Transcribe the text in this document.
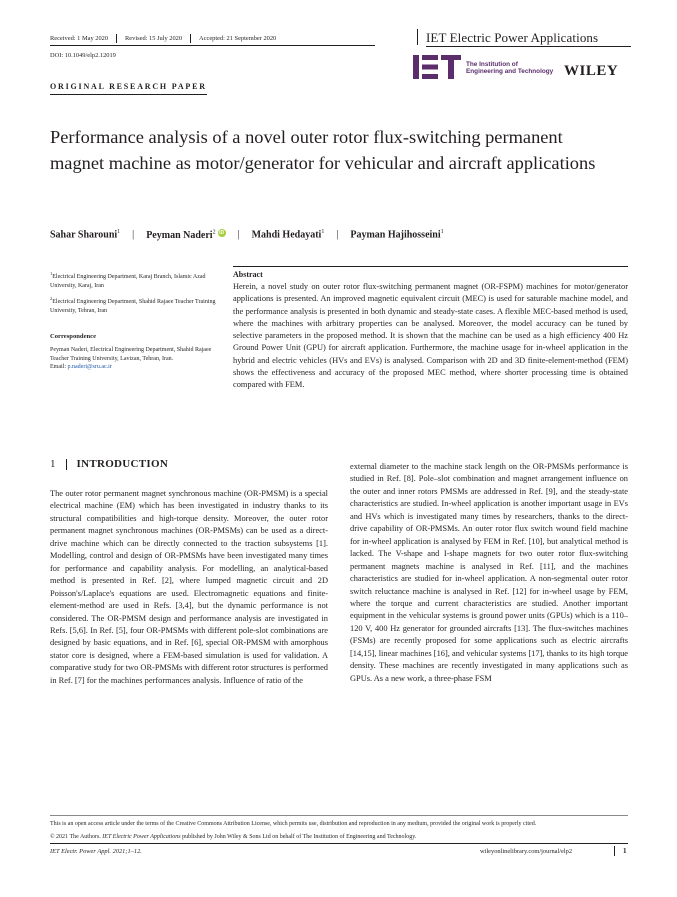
Received: 1 May 2020	Revised: 15 July 2020	Accepted: 21 September 2020
DOI: 10.1049/elp2.12019
IET Electric Power Applications
The Institution of
Engineering and Technology WILEY
ORIGINAL RESEARCH PAPER
Performance analysis of a novel outer rotor flux-switching permanent magnet machine as motor/generator for vehicular and aircraft applications
Sahar Sharouni$^1$ | Peyman Naderi$^2$ iD | Mahdi Hedayati$^1$ | Payman Hajihosseini$^1$
$^1$Electrical Engineering Department, Karaj Branch, Islamic Azad University, Karaj, Iran
$^2$Electrical Engineering Department, Shahid Rajaee Teacher Training University, Tehran, Iran
Correspondence
Peyman Naderi, Electrical Engineering Department, Shahid Rajaee Teacher Training University, Lavizan, Tehran, Iran.
Email: p.naderi@sru.ac.ir
Abstract

Herein, a novel study on outer rotor flux-switching permanent magnet (OR-FSPM) machines for motor/generator applications is presented. An improved magnetic equivalent circuit (MEC) is used for saturable machine model, and the performance analysis is presented in both dynamic and steady-state cases. A flexible MEC-based method is used, where the machines with arbitrary properties can be analysed. Moreover, the model accuracy can be tuned by selective parameters in the proposed method. It is shown that the machine can be used as a high efficiency 400 Hz Ground Power Unit (GPU) for aircraft application. Furthermore, the machine usage for in-wheel application in the hybrid and electric vehicles (HVs and EVs) is analysed. Comparison with 2D and 3D finite-element-method (FEM) shows the effectiveness and accuracy of the proposed MEC method, where shorter processing time is obtained compared with FEM.

1 INTRODUCTION

The outer rotor permanent magnet synchronous machine (OR-PMSM) is a special electrical machine (EM) which has been investigated in industry thanks to its structural compatibilities and high-torque density. Moreover, the outer rotor permanent magnet synchronous machines (OR-PMSMs) can be used as a direct-drive machine which can be directly connected to the traction subsystems [1]. Modelling, control and design of OR-PMSMs have been investigated many times for performance and capability analysis. For modelling, an analytical-based method is presented in Ref. [2], where lumped magnetic circuit and 2D Poisson's/Laplace's equations are used. Electromagnetic equations and finite-element-method are used in Refs. [3,4], but the dynamic performance is not considered. The OR-PMSM design and performance analysis are investigated in Refs. [5,6]. In Ref. [5], four OR-PMSMs with different pole-slot combinations are designed by basic equations, and in Ref. [6], special OR-PMSM with amorphous stator core is designed, where a FEM-based simulation is used for validation. A comparative study for two OR-PMSMs with different rotor structures is performed in Ref. [7] for the machines performances analysis. Influence of ratio of the

external diameter to the machine stack length on the OR-PMSMs performance is studied in Ref. [8]. Pole–slot combination and magnet arrangement influence on the outer and inner rotors PMSMs are addressed in Ref. [9], and the steady-state characteristics are studied. In-wheel application is another important usage in EVs and HVs which is investigated many times by researchers, thanks to the direct-drive capability of OR-PMSMs. An outer rotor flux switch wound field machine for in-wheel application is analysed by FEM in Ref. [10], but analytical method is lacked. The V-shape and I-shape magnets for two outer rotor flux-switching permanent magnets machine is analysed in Ref. [11], and the machines characteristics are studied for in-wheel application. A non-segmental outer rotor switch reluctance machine is analysed in Ref. [12] for in-wheel usage by FEM, where the torque and current characteristics are studied. Another important equipment in the vehicular systems is ground power units (GPUs) which is a 110–120 V, 400 Hz generator for grounded aircrafts [13]. The flux-switches machines (FSMs) are recently proposed for some applications such as electric aircrafts [14,15], linear machines [16], and vehicular systems [17], thanks to its high torque density. These machines are recently investigated in many applications such as GPUs. As a new work, a three-phase FSM

This is an open access article under the terms of the Creative Commons Attribution License, which permits use, distribution and reproduction in any medium, provided the original work is properly cited.
© 2021 The Authors. IET Electric Power Applications published by John Wiley & Sons Ltd on behalf of The Institution of Engineering and Technology.
IET Electr. Power Appl. 2021;1–12.	wileyonlinelibrary.com/journal/elp2	1
